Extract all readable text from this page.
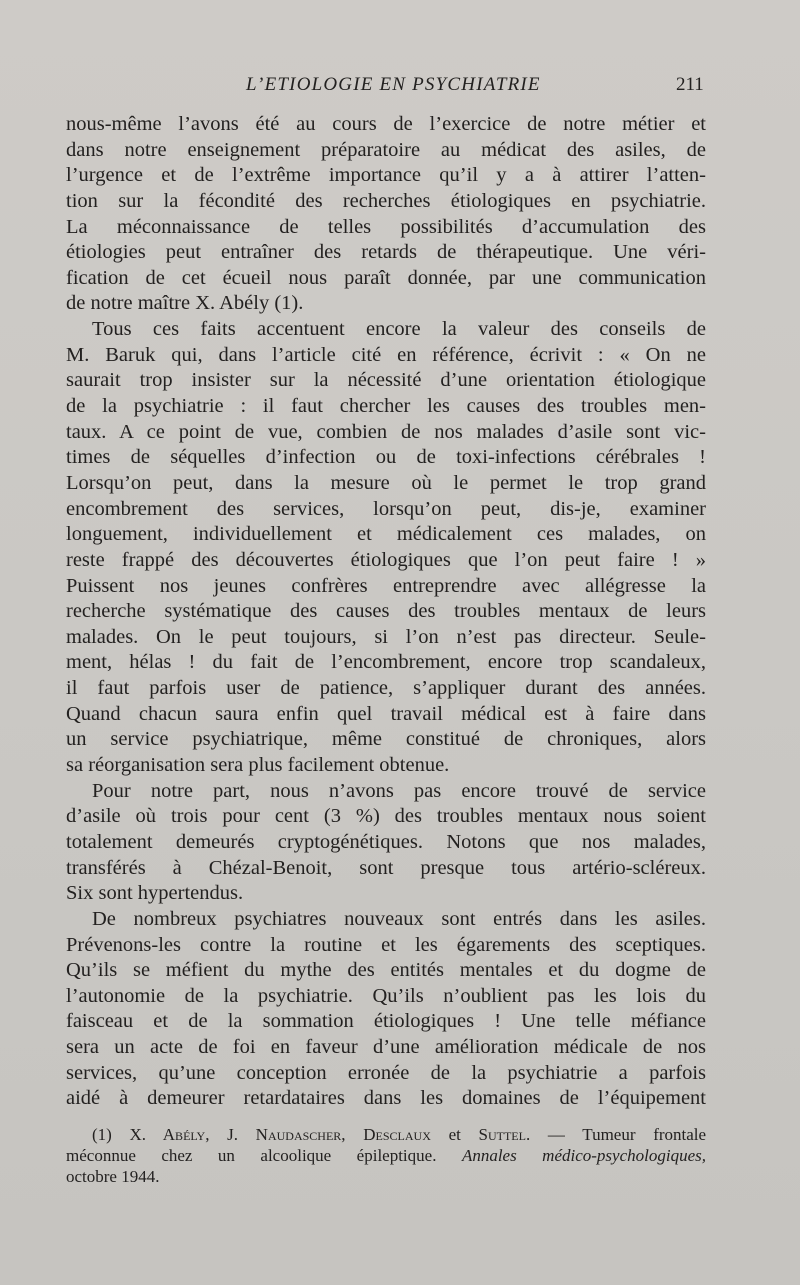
L’ETIOLOGIE EN PSYCHIATRIE	211
nous-même l’avons été au cours de l’exercice de notre métier et
dans notre enseignement préparatoire au médicat des asiles, de
l’urgence et de l’extrême importance qu’il y a à attirer l’atten-
tion sur la fécondité des recherches étiologiques en psychiatrie.
La méconnaissance de telles possibilités d’accumulation des
étiologies peut entraîner des retards de thérapeutique. Une véri-
fication de cet écueil nous paraît donnée, par une communication
de notre maître X. Abély (1).
Tous ces faits accentuent encore la valeur des conseils de
M. Baruk qui, dans l’article cité en référence, écrivit : « On ne
saurait trop insister sur la nécessité d’une orientation étiologique
de la psychiatrie : il faut chercher les causes des troubles men-
taux. A ce point de vue, combien de nos malades d’asile sont vic-
times de séquelles d’infection ou de toxi-infections cérébrales !
Lorsqu’on peut, dans la mesure où le permet le trop grand
encombrement des services, lorsqu’on peut, dis-je, examiner
longuement, individuellement et médicalement ces malades, on
reste frappé des découvertes étiologiques que l’on peut faire ! »
Puissent nos jeunes confrères entreprendre avec allégresse la
recherche systématique des causes des troubles mentaux de leurs
malades. On le peut toujours, si l’on n’est pas directeur. Seule-
ment, hélas ! du fait de l’encombrement, encore trop scandaleux,
il faut parfois user de patience, s’appliquer durant des années.
Quand chacun saura enfin quel travail médical est à faire dans
un service psychiatrique, même constitué de chroniques, alors
sa réorganisation sera plus facilement obtenue.
Pour notre part, nous n’avons pas encore trouvé de service
d’asile où trois pour cent (3 %) des troubles mentaux nous soient
totalement demeurés cryptogénétiques. Notons que nos malades,
transférés à Chézal-Benoit, sont presque tous artério-scléreux.
Six sont hypertendus.
De nombreux psychiatres nouveaux sont entrés dans les asiles.
Prévenons-les contre la routine et les égarements des sceptiques.
Qu’ils se méfient du mythe des entités mentales et du dogme de
l’autonomie de la psychiatrie. Qu’ils n’oublient pas les lois du
faisceau et de la sommation étiologiques ! Une telle méfiance
sera un acte de foi en faveur d’une amélioration médicale de nos
services, qu’une conception erronée de la psychiatrie a parfois
aidé à demeurer retardataires dans les domaines de l’équipement
(1) X. Abély, J. Naudascher, Desclaux et Suttel. — Tumeur frontale
méconnue chez un alcoolique épileptique. Annales médico-psychologiques,
octobre 1944.
